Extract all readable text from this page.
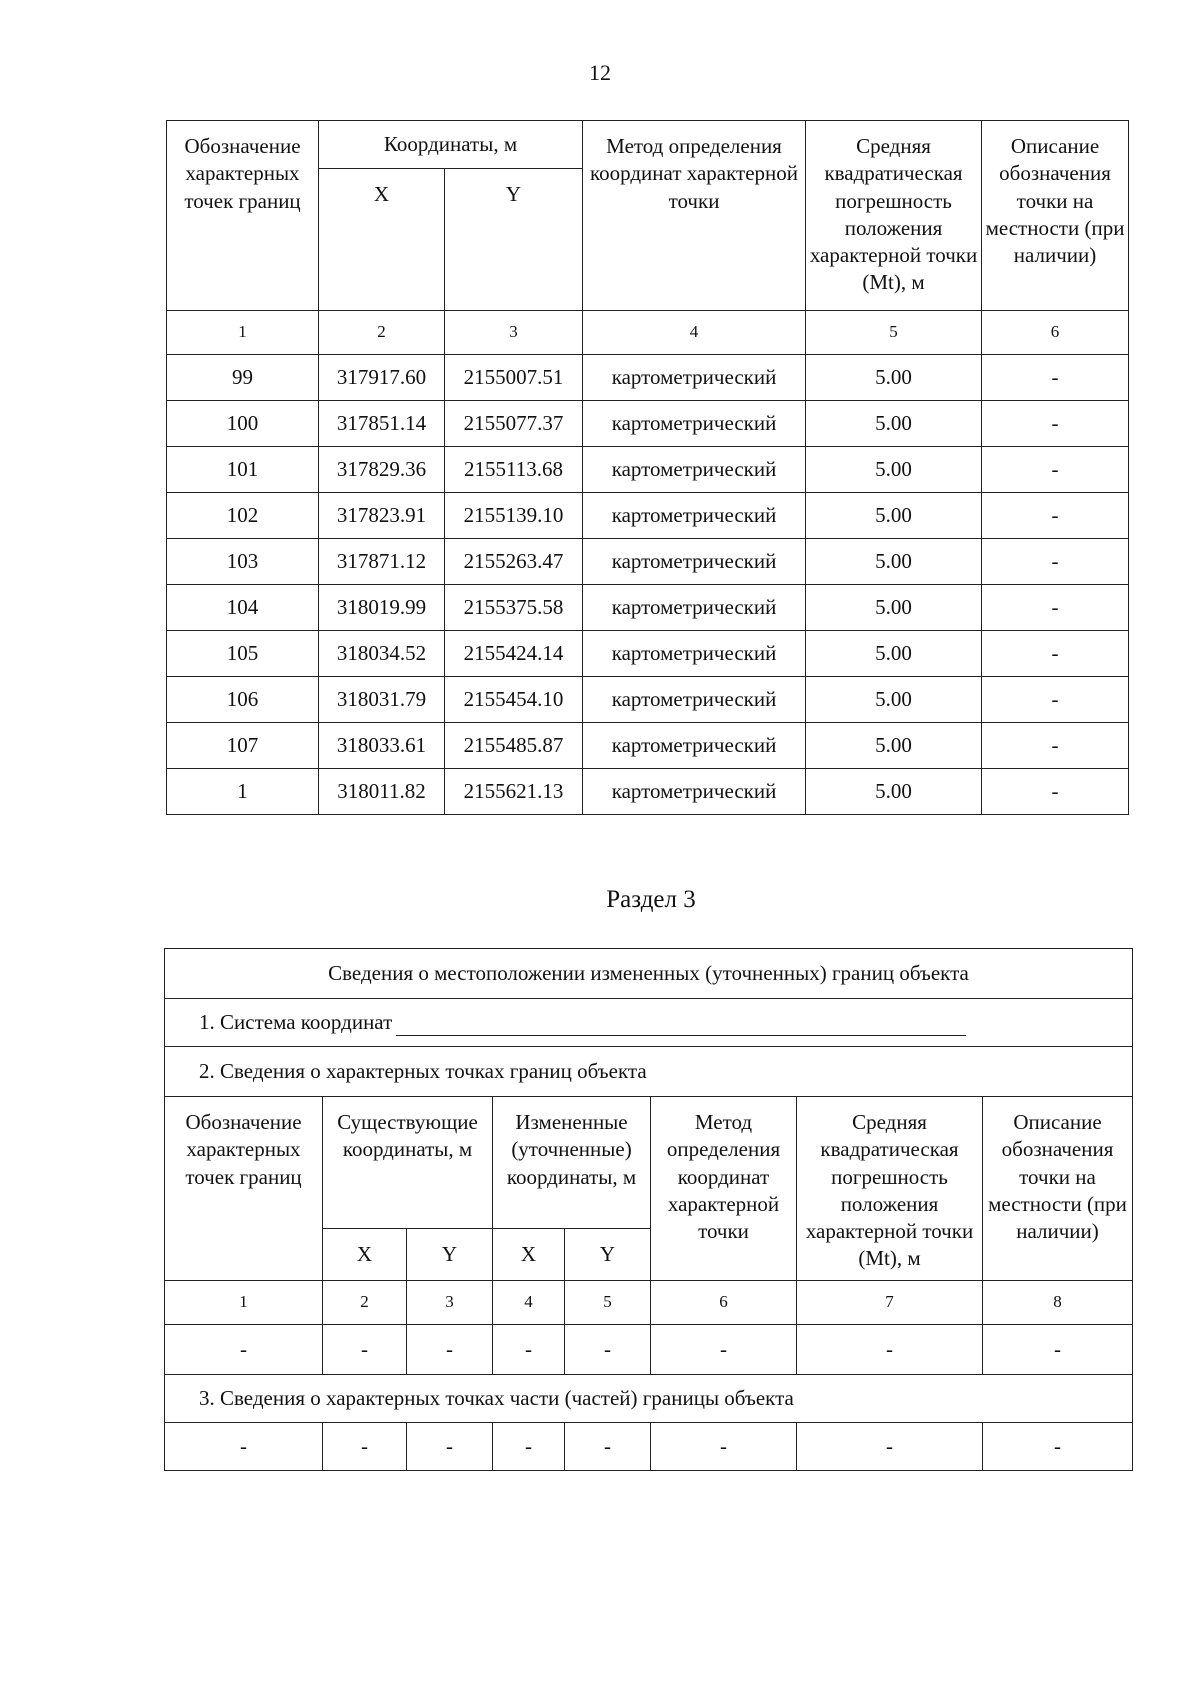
12
Обозначение характерных точек границ	Координаты, м		Метод определения координат характерной точки	Средняя квадратическая погрешность положения характерной точки (Mt), м	Описание обозначения точки на местности (при наличии)
	X	Y			
1	2	3	4	5	6
99	317917.60	2155007.51	картометрический	5.00	-
100	317851.14	2155077.37	картометрический	5.00	-
101	317829.36	2155113.68	картометрический	5.00	-
102	317823.91	2155139.10	картометрический	5.00	-
103	317871.12	2155263.47	картометрический	5.00	-
104	318019.99	2155375.58	картометрический	5.00	-
105	318034.52	2155424.14	картометрический	5.00	-
106	318031.79	2155454.10	картометрический	5.00	-
107	318033.61	2155485.87	картометрический	5.00	-
1	318011.82	2155621.13	картометрический	5.00	-
Раздел 3
Сведения о местоположении измененных (уточненных) границ объекта							
1. Система координат							
2. Сведения о характерных точках границ объекта							
Обозначение характерных точек границ	Существующие координаты, м		Измененные (уточненные) координаты, м		Метод определения координат характерной точки	Средняя квадратическая погрешность положения характерной точки (Mt), м	Описание обозначения точки на местности (при наличии)
	X	Y	X	Y			
1	2	3	4	5	6	7	8
-	-	-	-	-	-	-	-
3. Сведения о характерных точках части (частей) границы объекта							
-	-	-	-	-	-	-	-
